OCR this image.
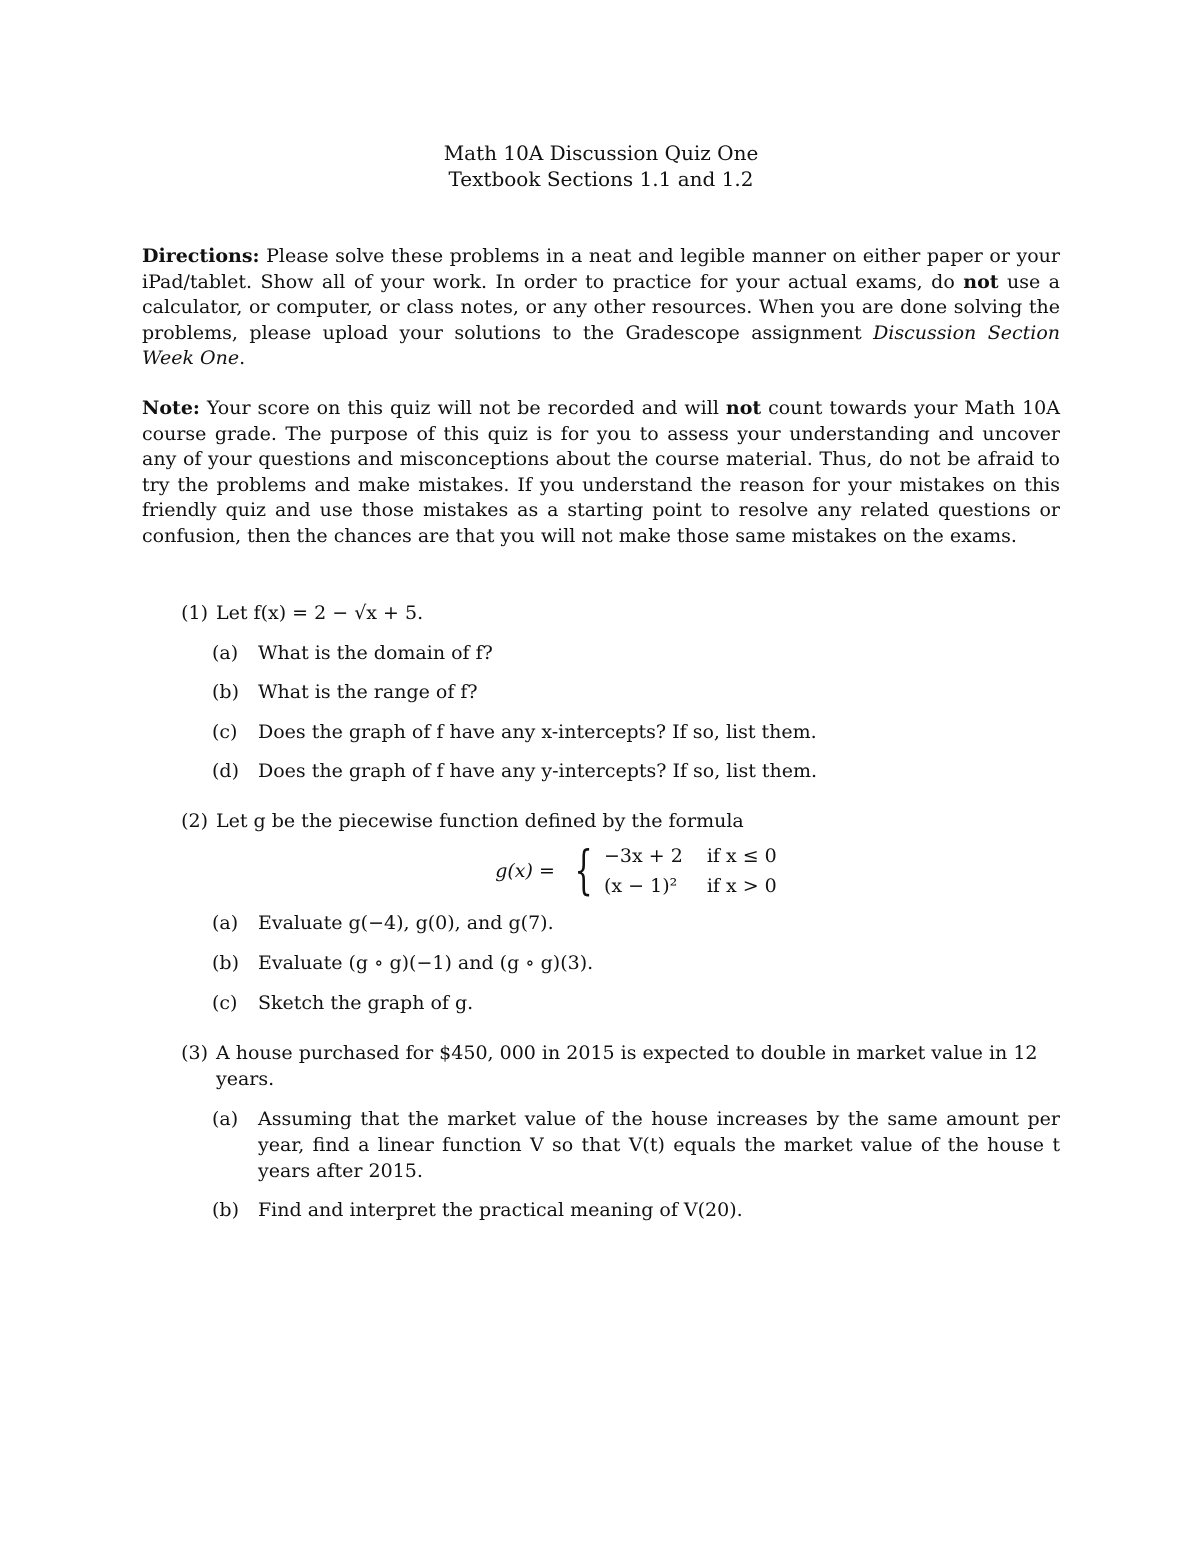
Math 10A Discussion Quiz One
Textbook Sections 1.1 and 1.2

Directions: Please solve these problems in a neat and legible manner on either paper or your iPad/tablet. Show all of your work. In order to practice for your actual exams, do not use a calculator, or computer, or class notes, or any other resources. When you are done solving the problems, please upload your solutions to the Gradescope assignment Discussion Section Week One.

Note: Your score on this quiz will not be recorded and will not count towards your Math 10A course grade. The purpose of this quiz is for you to assess your understanding and uncover any of your questions and misconceptions about the course material. Thus, do not be afraid to try the problems and make mistakes. If you understand the reason for your mistakes on this friendly quiz and use those mistakes as a starting point to resolve any related questions or confusion, then the chances are that you will not make those same mistakes on the exams.

(1) Let f(x) = 2 − √x + 5.
(a)	What is the domain of f?
(b)	What is the range of f?
(c)	Does the graph of f have any x-intercepts? If so, list them.
(d)	Does the graph of f have any y-intercepts? If so, list them.
(2) Let g be the piecewise function defined by the formula
g(x) = { −3x + 2 if x ≤ 0
(x − 1)² if x > 0
(a)	Evaluate g(−4), g(0), and g(7).
(b)	Evaluate (g ∘ g)(−1) and (g ∘ g)(3).
(c)	Sketch the graph of g.
(3) A house purchased for $450, 000 in 2015 is expected to double in market value in 12 years.
(a)	Assuming that the market value of the house increases by the same amount per year, find a linear function V so that V(t) equals the market value of the house t years after 2015.
(b)	Find and interpret the practical meaning of V(20).
